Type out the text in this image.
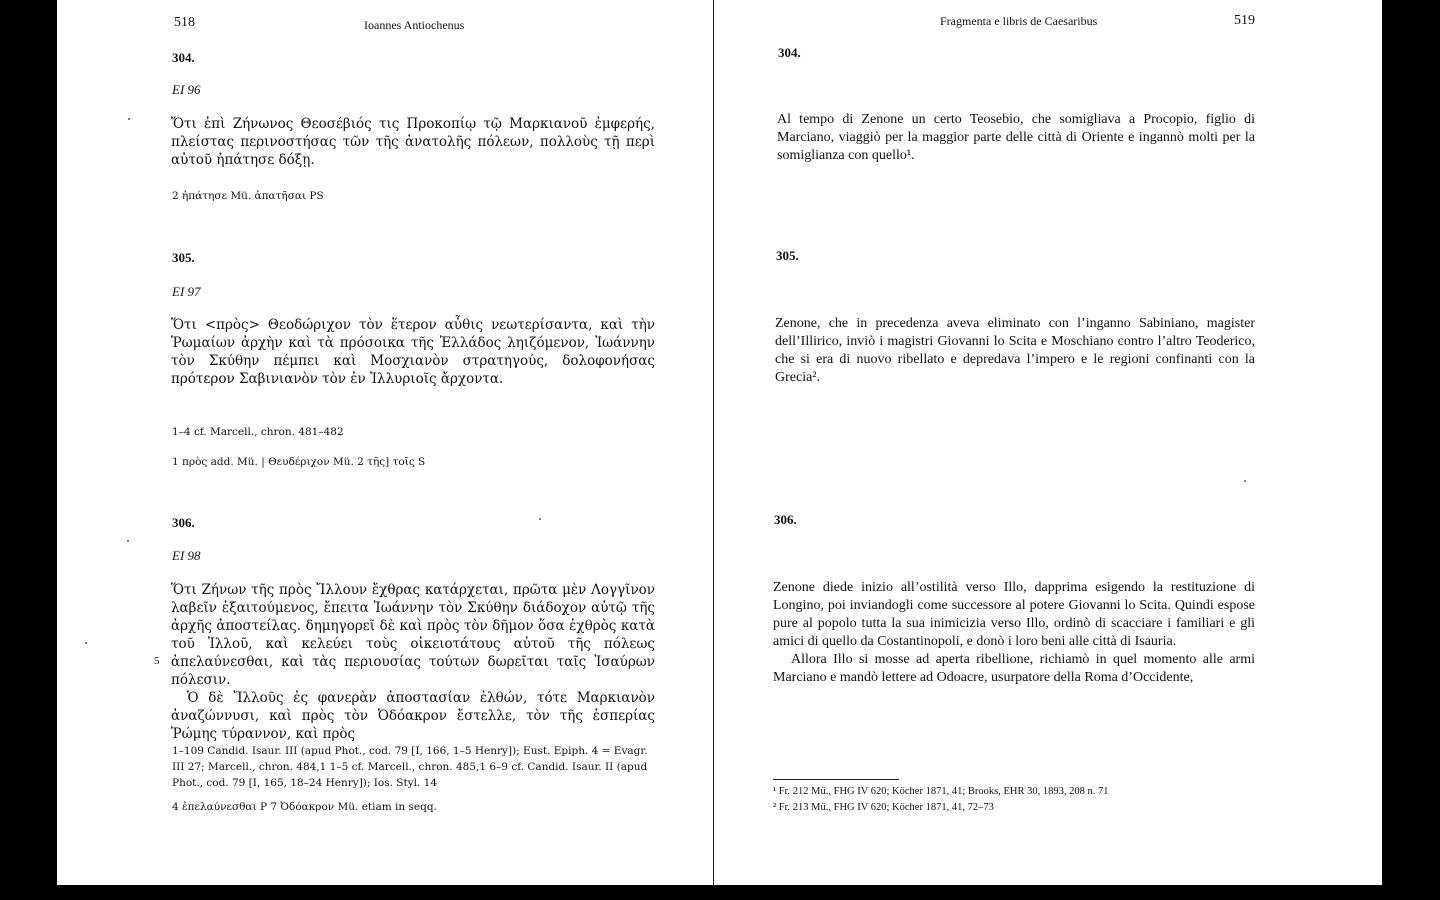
518	Ioannes Antiochenus
304.
EI 96

Ὅτι ἐπὶ Ζήνωνος Θεοσέβιός τις Προκοπίῳ τῷ Μαρκιανοῦ ἐμφερής, πλείστας περινοστήσας τῶν τῆς ἀνατολῆς πόλεων, πολλοὺς τῇ περὶ αὐτοῦ ἠπάτησε δόξῃ.

2 ἠπάτησε Mü. ἀπατῆσαι PS
305.
EI 97

Ὅτι <πρὸς> Θεοδώριχον τὸν ἕτερον αὖθις νεωτερίσαντα, καὶ τὴν Ῥωμαίων ἀρχὴν καὶ τὰ πρόσοικα τῆς Ἑλλάδος ληιζόμενον, Ἰωάννην τὸν Σκύθην πέμπει καὶ Μοσχιανὸν στρατηγούς, δολοφονήσας πρότερον Σαβινιανὸν τὸν ἐν Ἰλλυριοῖς ἄρχοντα.

1–4 cf. Marcell., chron. 481–482
1 πρὸς add. Mü. | Θευδέριχον Mü. 2 τῆς] τοῖς S
306.
EI 98
5

Ὅτι Ζήνων τῆς πρὸς Ἴλλουν ἔχθρας κατάρχεται, πρῶτα μὲν Λογγῖνον λαβεῖν ἐξαιτούμενος, ἔπειτα Ἰωάννην τὸν Σκύθην διάδοχον αὐτῷ τῆς ἀρχῆς ἀποστείλας. δημηγορεῖ δὲ καὶ πρὸς τὸν δῆμον ὅσα ἐχθρὸς κατὰ τοῦ Ἰλλοῦ, καὶ κελεύει τοὺς οἰκειοτάτους αὐτοῦ τῆς πόλεως ἀπελαύνεσθαι, καὶ τὰς περιουσίας τούτων δωρεῖται ταῖς Ἰσαύρων πόλεσιν.

Ὁ δὲ Ἴλλοῦς ἐς φανερὰν ἀποστασίαν ἐλθών, τότε Μαρκιανὸν ἀναζώννυσι, καὶ πρὸς τὸν Ὀδόακρον ἔστελλε, τὸν τῆς ἑσπερίας Ῥώμης τύραννον, καὶ πρὸς

1–109 Candid. Isaur. III (apud Phot., cod. 79 [I, 166, 1–5 Henry]); Eust. Epiph. 4 = Evagr. III 27; Marcell., chron. 484,1 1–5 cf. Marcell., chron. 485,1 6–9 cf. Candid. Isaur. II (apud Phot., cod. 79 [I, 165, 18–24 Henry]); Ios. Styl. 14
4 ἐπελαύνεσθαι P 7 Ὀδόακρον Mü. etiam in seqq.
Fragmenta e libris de Caesaribus	519
304.

Al tempo di Zenone un certo Teosebio, che somigliava a Procopio, figlio di Marciano, viaggiò per la maggior parte delle città di Oriente e ingannò molti per la somiglianza con quello¹.

305.

Zenone, che in precedenza aveva eliminato con l’inganno Sabiniano, magister dell’Illirico, inviò i magistri Giovanni lo Scita e Moschiano contro l’altro Teoderico, che si era di nuovo ribellato e depredava l’impero e le regioni confinanti con la Grecia².

306.

Zenone diede inizio all’ostilità verso Illo, dapprima esigendo la restituzione di Longino, poi inviandogli come successore al potere Giovanni lo Scita. Quindi espose pure al popolo tutta la sua inimicizia verso Illo, ordinò di scacciare i familiari e gli amici di quello da Costantinopoli, e donò i loro beni alle città di Isauria.

Allora Illo si mosse ad aperta ribellione, richiamò in quel momento alle armi Marciano e mandò lettere ad Odoacre, usurpatore della Roma d’Occidente,

¹ Fr. 212 Mü., FHG IV 620; Köcher 1871, 41; Brooks, EHR 30, 1893, 208 n. 71
² Fr. 213 Mü., FHG IV 620; Köcher 1871, 41, 72–73
